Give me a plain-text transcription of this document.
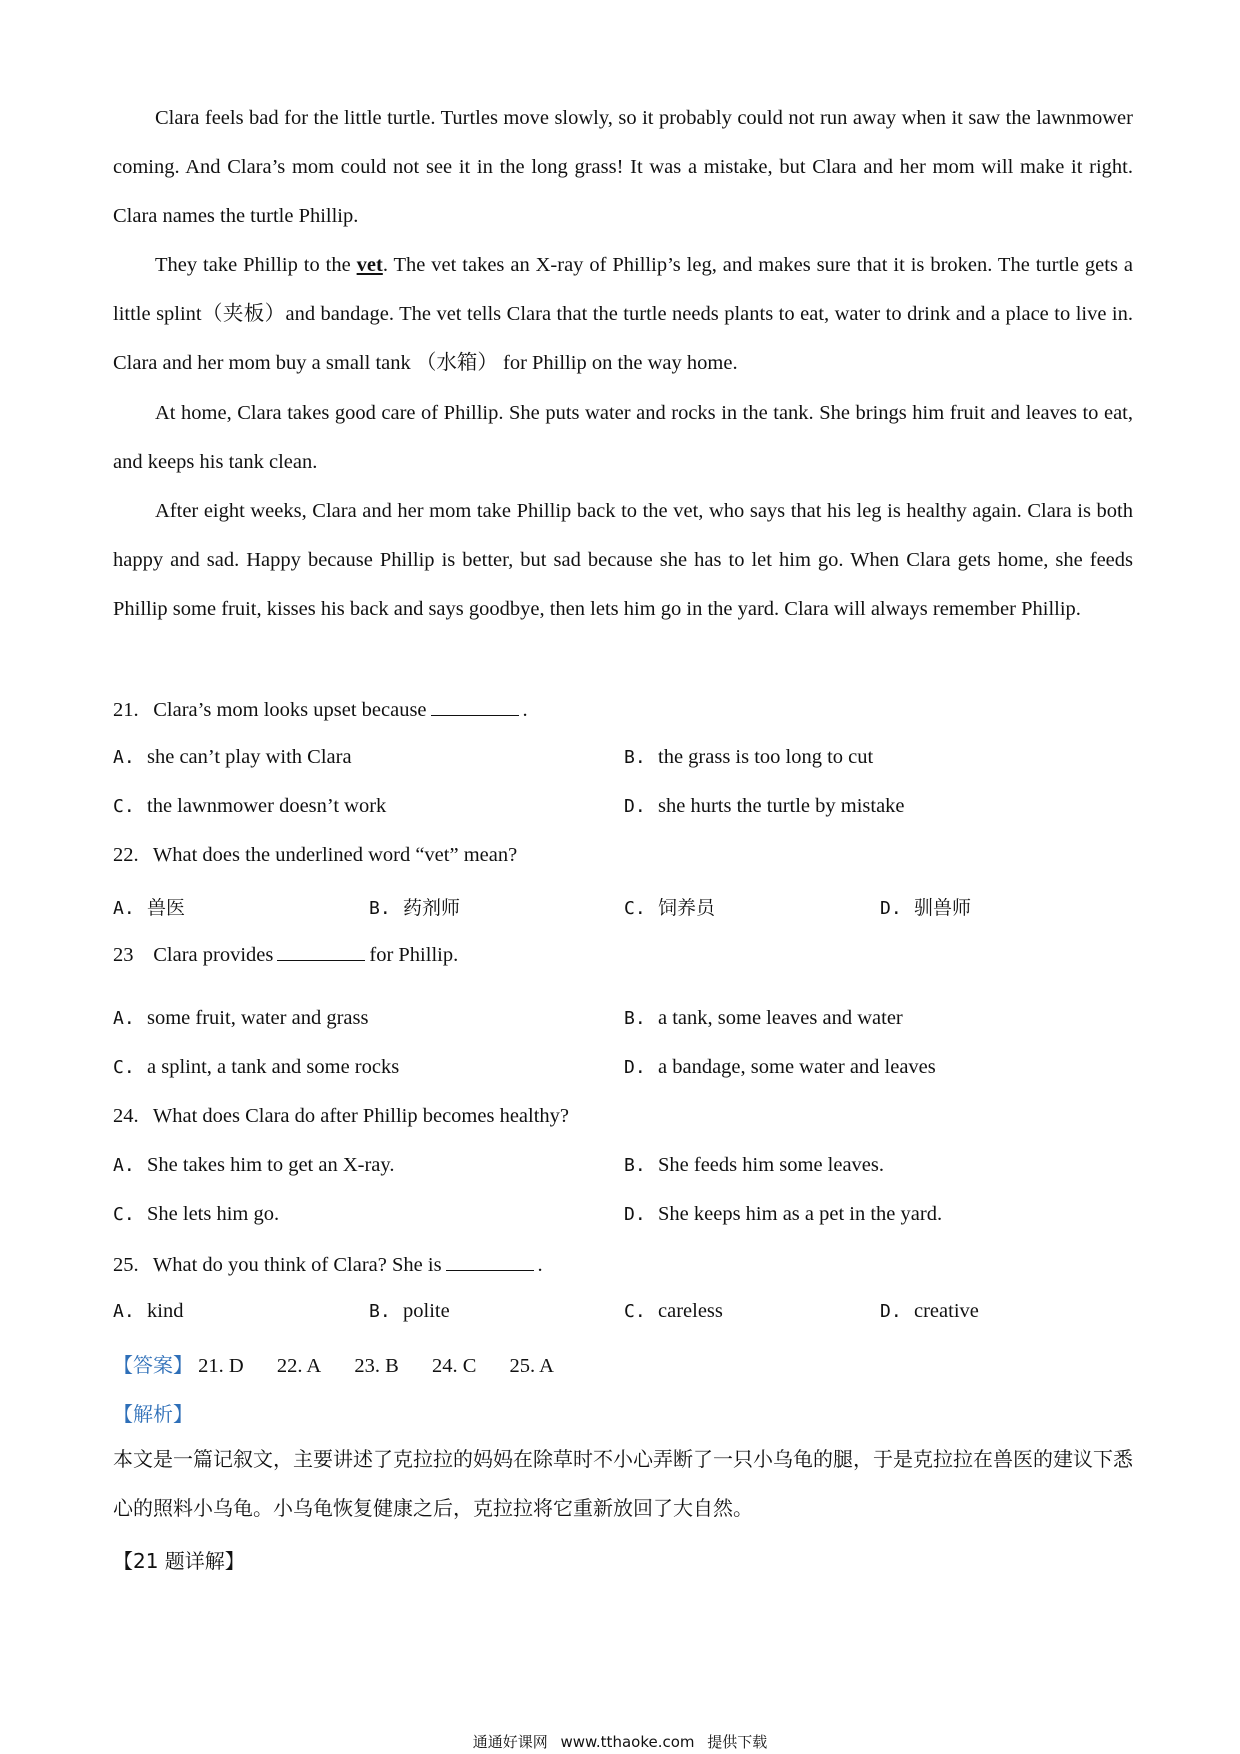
Clara feels bad for the little turtle. Turtles move slowly, so it probably could not run away when it saw the lawnmower coming. And Clara’s mom could not see it in the long grass! It was a mistake, but Clara and her mom will make it right. Clara names the turtle Phillip.

They take Phillip to the vet. The vet takes an X-ray of Phillip’s leg, and makes sure that it is broken. The turtle gets a little splint（夹板）and bandage. The vet tells Clara that the turtle needs plants to eat, water to drink and a place to live in. Clara and her mom buy a small tank （水箱） for Phillip on the way home.

At home, Clara takes good care of Phillip. She puts water and rocks in the tank. She brings him fruit and leaves to eat, and keeps his tank clean.

After eight weeks, Clara and her mom take Phillip back to the vet, who says that his leg is healthy again. Clara is both happy and sad. Happy because Phillip is better, but sad because she has to let him go. When Clara gets home, she feeds Phillip some fruit, kisses his back and says goodbye, then lets him go in the yard. Clara will always remember Phillip.

21. Clara’s mom looks upset because	.
A. she can’t play with Clara	B. the grass is too long to cut
C. the lawnmower doesn’t work	D. she hurts the turtle by mistake
22. What does the underlined word “vet” mean?
A. 兽医	B. 药剂师	C. 饲养员	D. 驯兽师
23 Clara provides	for Phillip.
A. some fruit, water and grass	B. a tank, some leaves and water
C. a splint, a tank and some rocks	D. a bandage, some water and leaves
24. What does Clara do after Phillip becomes healthy?
A. She takes him to get an X-ray.	B. She feeds him some leaves.
C. She lets him go.	D. She keeps him as a pet in the yard.
25. What do you think of Clara? She is	.
A. kind	B. polite	C. careless	D. creative
【答案】 21. D 22. A 23. B 24. C 25. A
【解析】

本文是一篇记叙文，主要讲述了克拉拉的妈妈在除草时不小心弄断了一只小乌龟的腿，于是克拉拉在兽医的建议下悉心的照料小乌龟。小乌龟恢复健康之后，克拉拉将它重新放回了大自然。

【21 题详解】
通通好课网 www.tthaoke.com 提供下载
